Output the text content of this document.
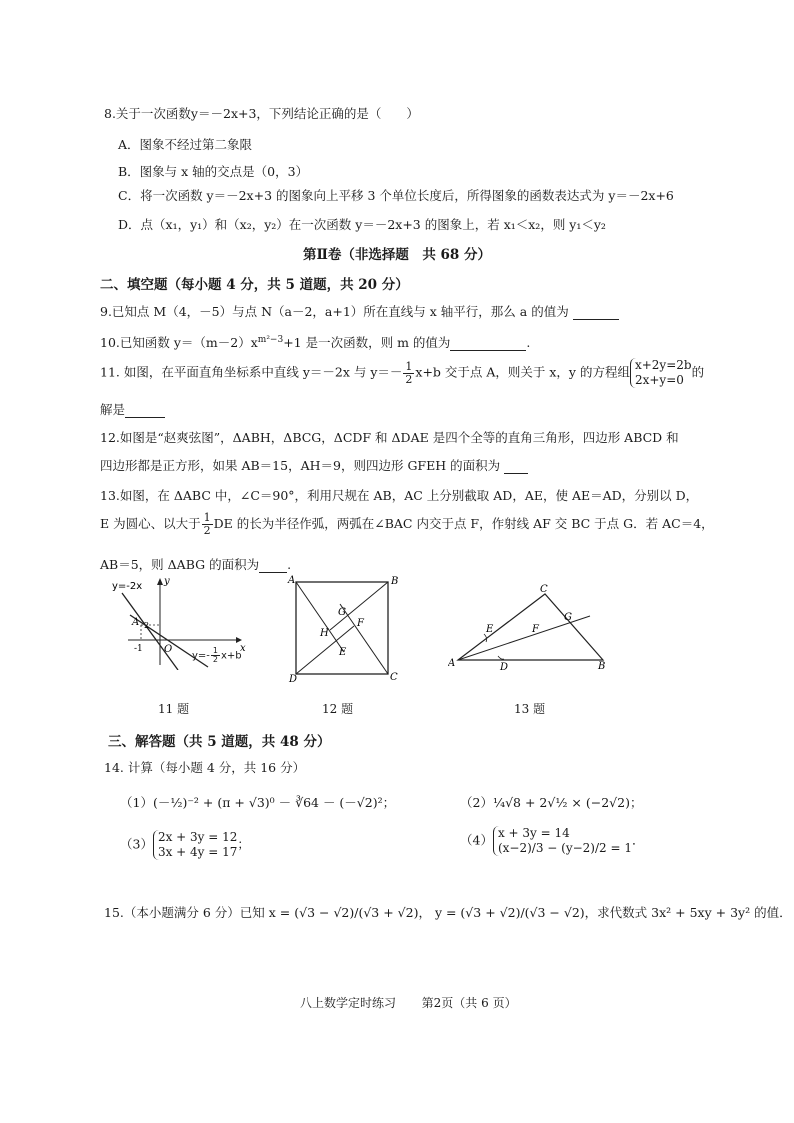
8.关于一次函数y＝－2x+3，下列结论正确的是（　　）
A．图象不经过第二象限
B．图象与 x 轴的交点是（0，3）
C．将一次函数 y＝－2x+3 的图象向上平移 3 个单位长度后，所得图象的函数表达式为 y＝－2x+6
D．点（x₁，y₁）和（x₂，y₂）在一次函数 y＝－2x+3 的图象上，若 x₁＜x₂，则 y₁＜y₂
第Ⅱ卷（非选择题　共 68 分）
二、填空题（每小题 4 分，共 5 道题，共 20 分）
9.已知点 M（4，－5）与点 N（a－2，a+1）所在直线与 x 轴平行，那么 a 的值为
10.已知函数 $y=(m-2)x^{m^2-3}+1$ 是一次函数，则 m 的值为	.
11. 如图，在平面直角坐标系中直线 y＝－2x 与 $y=- \frac{1}{2} x+b$ 交于点 A，则关于 x，y 的方程组 x+2y=2b
2x+y=0
的
解是
12.如图是“赵爽弦图”，ΔABH，ΔBCG，ΔCDF 和 ΔDAE 是四个全等的直角三角形，四边形 ABCD 和
四边形都是正方形，如果 AB＝15，AH＝9，则四边形 GFEH 的面积为
13.如图，在 ΔABC 中，∠C＝90°，利用尺规在 AB，AC 上分别截取 AD，AE，使 AE＝AD，分别以 D，
E 为圆心、以大于 $\frac{1}{2}$ DE 的长为半径作弧，两弧在∠BAC 内交于点 F，作射线 AF 交 BC 于点 G．若 AC＝4，
AB＝5，则 ΔABG 的面积为 .
y=-2x y
x
O
A 2
-1
$y=- \frac{1}{2} x+b$
11 题
A	B
C
D
E
F
G
H
12 题
A	B
C
D
E	F
G
13 题
三、解答题（共 5 道题，共 48 分）
14. 计算（每小题 4 分，共 16 分）
（1）(－½)⁻² + (π + √3)⁰ － ∛64 － (－√2)²；	（2）¼√8 + 2√½ × (−2√2)；
（3） 2x + 3y = 12
3x + 4y = 17
；	（4） x + 3y = 14
(x−2)/3 − (y−2)/2 = 1
．
15.（本小题满分 6 分）已知 x = (√3 − √2)/(√3 + √2)， y = (√3 + √2)/(√3 − √2)，求代数式 3x² + 5xy + 3y² 的值．
八上数学定时练习 第2页（共 6 页）
